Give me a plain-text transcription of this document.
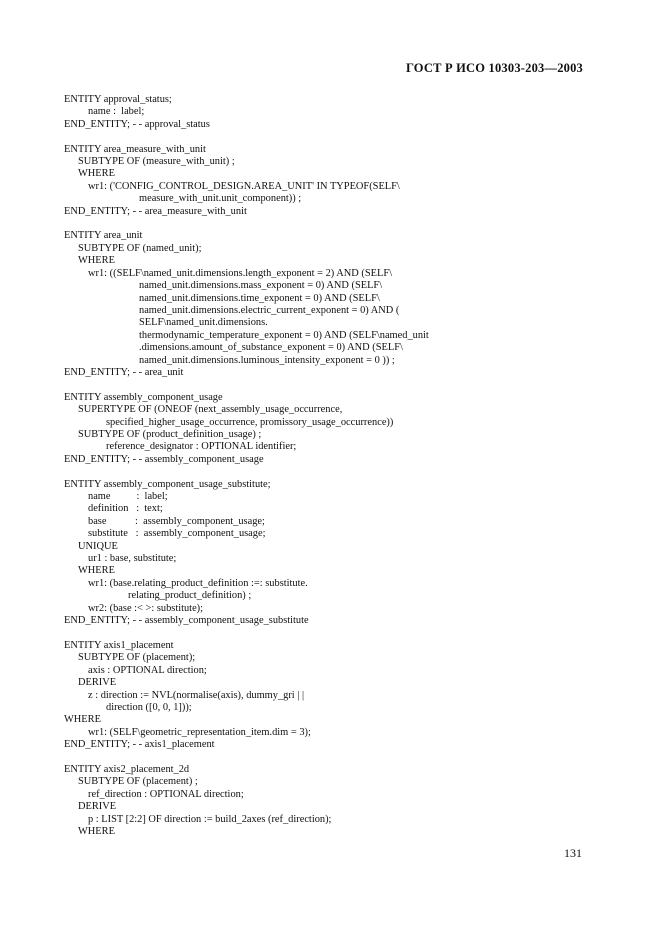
ГОСТ Р ИСО 10303-203—2003
ENTITY approval_status;
name :  label;
END_ENTITY; - - approval_status
ENTITY area_measure_with_unit
SUBTYPE OF (measure_with_unit) ;
WHERE
wr1: ('CONFIG_CONTROL_DESIGN.AREA_UNIT' IN TYPEOF(SELF\
measure_with_unit.unit_component)) ;
END_ENTITY; - - area_measure_with_unit
ENTITY area_unit
SUBTYPE OF (named_unit);
WHERE
wr1: ((SELF\named_unit.dimensions.length_exponent = 2) AND (SELF\
named_unit.dimensions.mass_exponent = 0) AND (SELF\
named_unit.dimensions.time_exponent = 0) AND (SELF\
named_unit.dimensions.electric_current_exponent = 0) AND (
SELF\named_unit.dimensions.
thermodynamic_temperature_exponent = 0) AND (SELF\named_unit
.dimensions.amount_of_substance_exponent = 0) AND (SELF\
named_unit.dimensions.luminous_intensity_exponent = 0 )) ;
END_ENTITY; - - area_unit
ENTITY assembly_component_usage
SUPERTYPE OF (ONEOF (next_assembly_usage_occurrence,
specified_higher_usage_occurrence, promissory_usage_occurrence))
SUBTYPE OF (product_definition_usage) ;
reference_designator : OPTIONAL identifier;
END_ENTITY; - - assembly_component_usage
ENTITY assembly_component_usage_substitute;
name          :  label;
definition   :  text;
base           :  assembly_component_usage;
substitute   :  assembly_component_usage;
UNIQUE
ur1 : base, substitute;
WHERE
wr1: (base.relating_product_definition :=: substitute.
relating_product_definition) ;
wr2: (base :< >: substitute);
END_ENTITY; - - assembly_component_usage_substitute
ENTITY axis1_placement
SUBTYPE OF (placement);
axis : OPTIONAL direction;
DERIVE
z : direction := NVL(normalise(axis), dummy_gri | |
direction ([0, 0, 1]));
WHERE
wr1: (SELF\geometric_representation_item.dim = 3);
END_ENTITY; - - axis1_placement
ENTITY axis2_placement_2d
SUBTYPE OF (placement) ;
ref_direction : OPTIONAL direction;
DERIVE
p : LIST [2:2] OF direction := build_2axes (ref_direction);
WHERE
131
